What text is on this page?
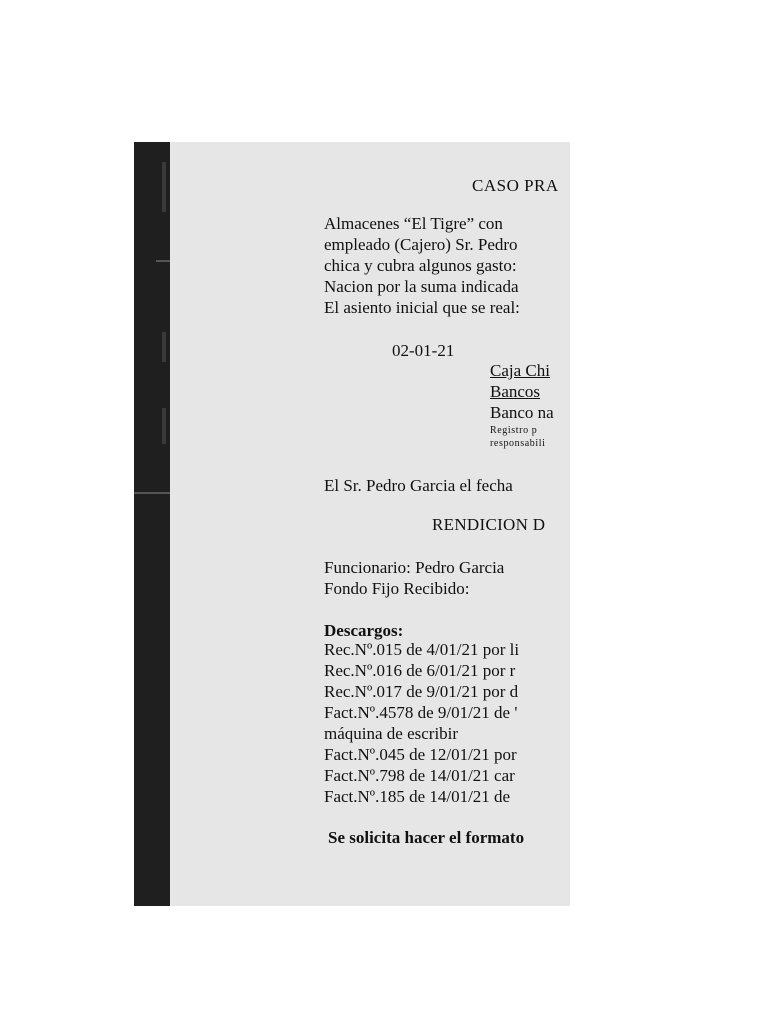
CASO PRA
Almacenes “El Tigre” con
empleado (Cajero) Sr. Pedro
chica y cubra algunos gasto:
Nacion por la suma indicada
El asiento inicial que se real:
02-01-21
Caja Chi
Bancos
Banco na
Registro p
responsabili
El Sr. Pedro Garcia el fecha
RENDICION D
Funcionario: Pedro Garcia
Fondo Fijo Recibido:
Descargos:
Rec.Nº.015 de 4/01/21 por li
Rec.Nº.016 de 6/01/21 por r
Rec.Nº.017 de 9/01/21 por d
Fact.Nº.4578 de 9/01/21 de '
máquina de escribir
Fact.Nº.045 de 12/01/21 por
Fact.Nº.798 de 14/01/21 car
Fact.Nº.185 de 14/01/21 de
Se solicita hacer el formato
